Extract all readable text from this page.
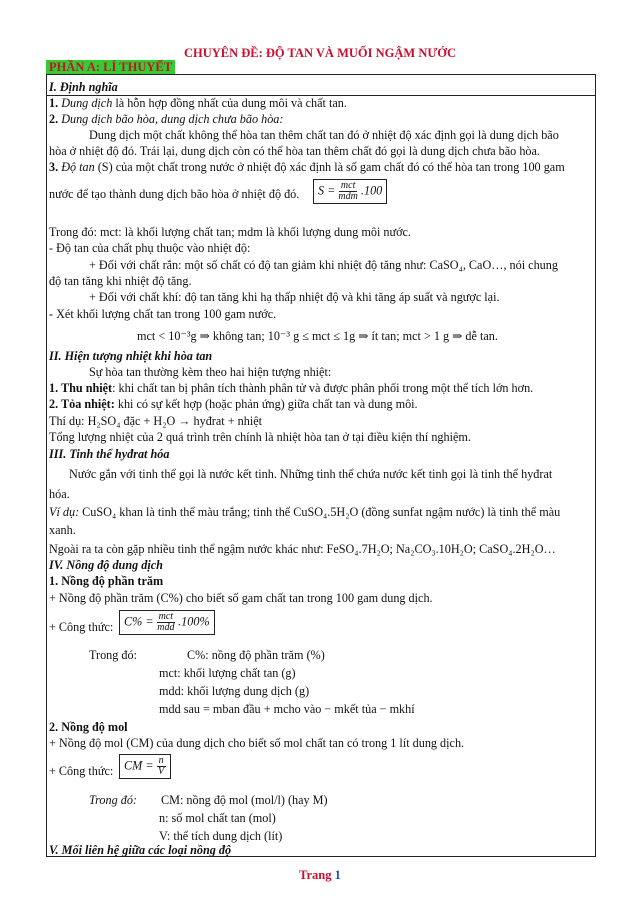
CHUYÊN ĐỀ: ĐỘ TAN VÀ MUỐI NGẬM NƯỚC
PHẦN A: LÍ THUYẾT
I. Định nghĩa
1. Dung dịch là hỗn hợp đồng nhất của dung môi và chất tan.
2. Dung dịch bão hòa, dung dịch chưa bão hòa:
Dung dịch một chất không thể hòa tan thêm chất tan đó ở nhiệt độ xác định gọi là dung dịch bão
hòa ở nhiệt độ đó. Trái lại, dung dịch còn có thể hòa tan thêm chất đó gọi là dung dịch chưa bão hòa.
3. Độ tan (S) của một chất trong nước ở nhiệt độ xác định là số gam chất đó có thể hòa tan trong 100 gam
nước để tạo thành dung dịch bão hòa ở nhiệt độ đó.	$S = \frac{\text{mct}}{\text{mdm}} .100$
Trong đó: mct: là khối lượng chất tan; mdm là khối lượng dung môi nước.
- Độ tan của chất phụ thuộc vào nhiệt độ:
+ Đối với chất rắn: một số chất có độ tan giảm khi nhiệt độ tăng như: CaSO₄, CaO…, nói chung
độ tan tăng khi nhiệt độ tăng.
+ Đối với chất khí: độ tan tăng khi hạ thấp nhiệt độ và khi tăng áp suất và ngược lại.
- Xét khối lượng chất tan trong 100 gam nước.
mct < 10⁻³g ⇒ không tan; 10⁻³ g ≤ mct ≤ 1g ⇒ ít tan; mct > 1 g ⇒ dễ tan.
II. Hiện tượng nhiệt khi hòa tan
Sự hòa tan thường kèm theo hai hiện tượng nhiệt:
1. Thu nhiệt: khi chất tan bị phân tích thành phân tử và được phân phối trong một thể tích lớn hơn.
2. Tỏa nhiệt: khi có sự kết hợp (hoặc phản ứng) giữa chất tan và dung môi.
Thí dụ: H₂SO₄ đặc + H₂O → hyđrat + nhiệt
Tổng lượng nhiệt của 2 quá trình trên chính là nhiệt hòa tan ở tại điều kiện thí nghiệm.
III. Tinh thể hyđrat hóa
Nước gắn với tinh thể gọi là nước kết tinh. Những tinh thể chứa nước kết tinh gọi là tinh thể hyđrat
hóa.
Ví dụ: CuSO₄ khan là tinh thể màu trắng; tinh thể CuSO₄.5H₂O (đồng sunfat ngậm nước) là tinh thể màu
xanh.
Ngoài ra ta còn gặp nhiều tinh thể ngậm nước khác như: FeSO₄.7H₂O; Na₂CO₃.10H₂O; CaSO₄.2H₂O…
IV. Nồng độ dung dịch
1. Nồng độ phần trăm
+ Nồng độ phần trăm (C%) cho biết số gam chất tan trong 100 gam dung dịch.
+ Công thức: $C\% = \frac{\text{mct}}{\text{mdd}} .100\%$
Trong đó:	C%: nồng độ phần trăm (%)
mct: khối lượng chất tan (g)
mdd: khối lượng dung dịch (g)
mdd sau = mban đầu + mcho vào − mkết tủa − mkhí
2. Nồng độ mol
+ Nồng độ mol (CM) của dung dịch cho biết số mol chất tan có trong 1 lít dung dịch.
+ Công thức: CM = $\frac{n}{V}$
Trong đó: CM: nồng độ mol (mol/l) (hay M)
n: số mol chất tan (mol)
V: thể tích dung dịch (lít)
V. Mối liên hệ giữa các loại nồng độ
Trang 1
